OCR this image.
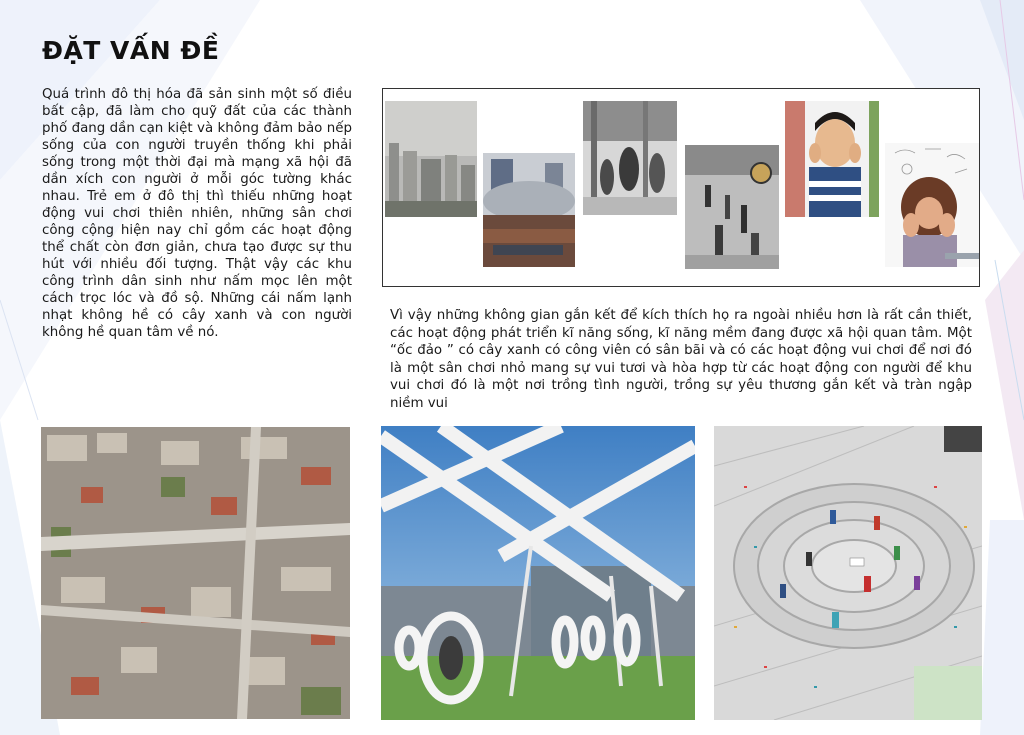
ĐẶT VẤN ĐỀ

Quá trình đô thị hóa đã sản sinh một số điều bất cập, đã làm cho quỹ đất của các thành phố đang dần cạn kiệt và không đảm bảo nếp sống của con người truyền thống khi phải sống trong một thời đại mà mạng xã hội đã dần xích con người ở mỗi góc tường khác nhau. Trẻ em ở đô thị thì thiếu những hoạt động vui chơi thiên nhiên, những sân chơi công cộng hiện nay chỉ gồm các hoạt động thể chất còn đơn giản, chưa tạo được sự thu hút với nhiều đối tượng. Thật vậy các khu công trình dân sinh như nấm mọc lên một cách trọc lóc và đồ sộ. Những cái nấm lạnh nhạt không hề có cây xanh và con người không hề quan tâm về nó.

Vì vậy những không gian gắn kết để kích thích họ ra ngoài nhiều hơn là rất cần thiết, các hoạt động phát triển kĩ năng sống, kĩ năng mềm đang được xã hội quan tâm. Một “ốc đảo ” có cây xanh có công viên có sân bãi và có các hoạt động vui chơi để nơi đó là một sân chơi nhỏ mang sự vui tươi và hòa hợp từ các hoạt động con người để khu vui chơi đó là một nơi trồng tình người, trồng sự yêu thương gắn kết và tràn ngập niềm vui
